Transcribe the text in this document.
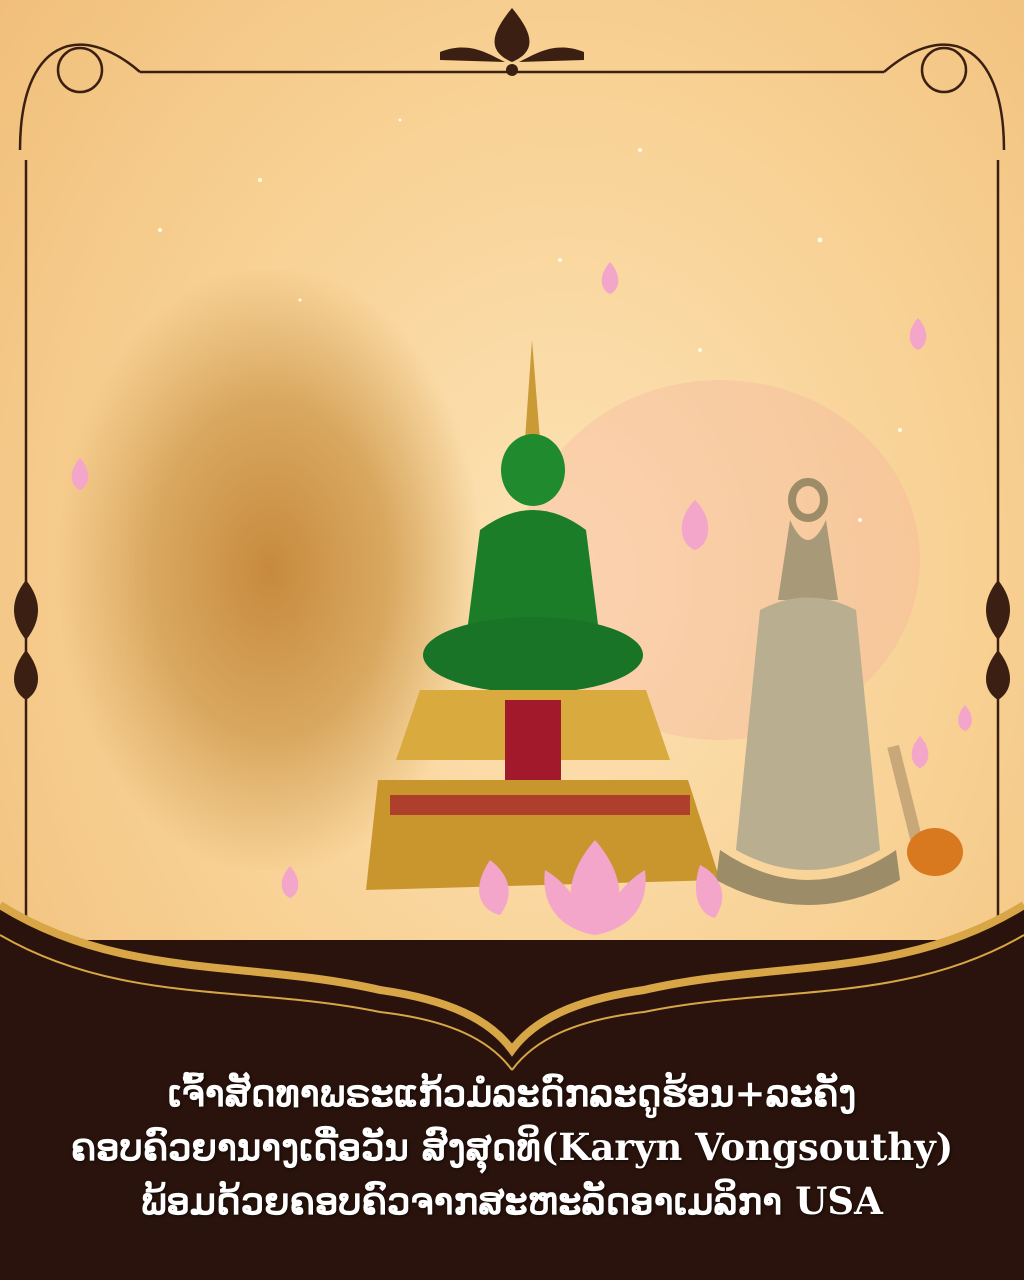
ເຈົ້າສັດທາພຣະແກ້ວມໍລະດົກລະດູຮ້ອນ+ລະຄັງ
ຄອບຄົວຍານາງເດື່ອວັນ ສົງສຸດທິ(Karyn Vongsouthy)
ພ້ອມດ້ວຍຄອບຄົວຈາກສະຫະລັດອາເມລິກາ USA
